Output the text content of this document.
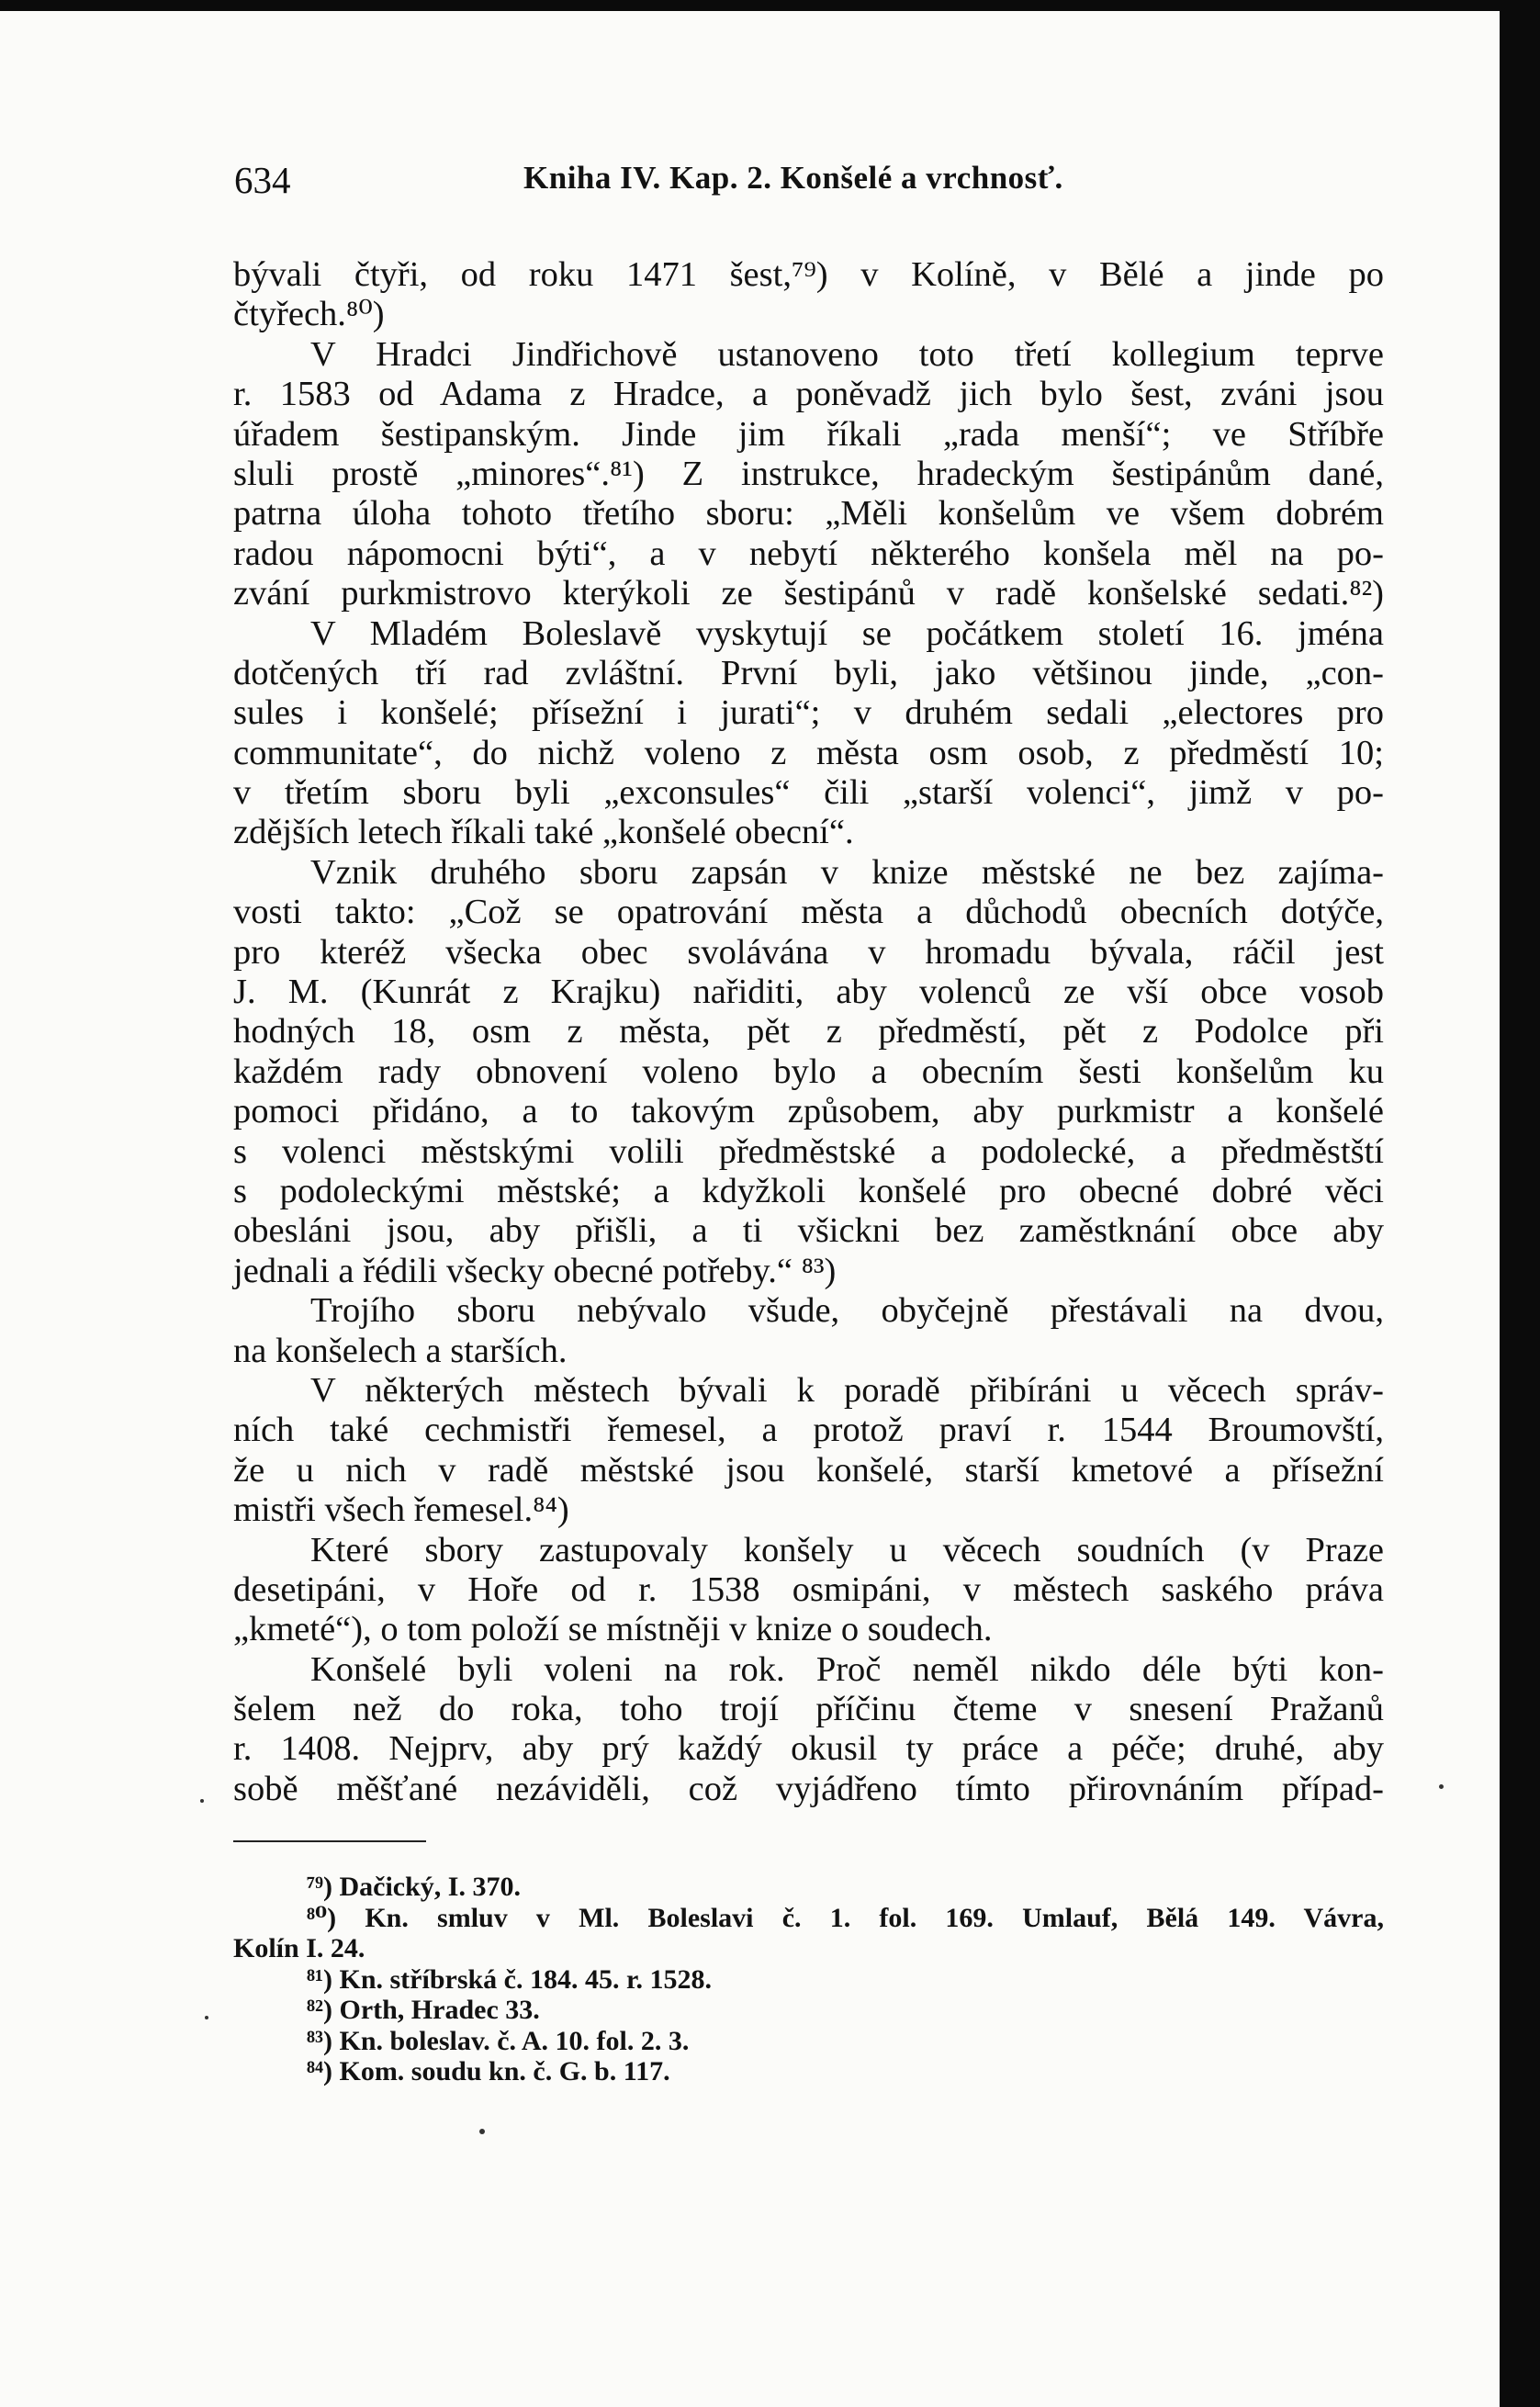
634	Kniha IV. Kap. 2. Konšelé a vrchnosť.
bývali čtyři, od roku 1471 šest,⁷⁹) v Kolíně, v Bělé a jinde po
čtyřech.⁸⁰)
V Hradci Jindřichově ustanoveno toto třetí kollegium teprve
r. 1583 od Adama z Hradce, a poněvadž jich bylo šest, zváni jsou
úřadem šestipanským. Jinde jim říkali „rada menší“; ve Stříbře
sluli prostě „minores“.⁸¹) Z instrukce, hradeckým šestipánům dané,
patrna úloha tohoto třetího sboru: „Měli konšelům ve všem dobrém
radou nápomocni býti“, a v nebytí některého konšela měl na po-
zvání purkmistrovo kterýkoli ze šestipánů v radě konšelské sedati.⁸²)
V Mladém Boleslavě vyskytují se počátkem století 16. jména
dotčených tří rad zvláštní. První byli, jako většinou jinde, „con-
sules i konšelé; přísežní i jurati“; v druhém sedali „electores pro
communitate“, do nichž voleno z města osm osob, z předměstí 10;
v třetím sboru byli „exconsules“ čili „starší volenci“, jimž v po-
zdějších letech říkali také „konšelé obecní“.
Vznik druhého sboru zapsán v knize městské ne bez zajíma-
vosti takto: „Což se opatrování města a důchodů obecních dotýče,
pro kteréž všecka obec svolávána v hromadu bývala, ráčil jest
J. M. (Kunrát z Krajku) nařiditi, aby volenců ze vší obce vosob
hodných 18, osm z města, pět z předměstí, pět z Podolce při
každém rady obnovení voleno bylo a obecním šesti konšelům ku
pomoci přidáno, a to takovým způsobem, aby purkmistr a konšelé
s volenci městskými volili předměstské a podolecké, a předměstští
s podoleckými městské; a kdyžkoli konšelé pro obecné dobré věci
obesláni jsou, aby přišli, a ti všickni bez zaměstknání obce aby
jednali a řédili všecky obecné potřeby.“ ⁸³)
Trojího sboru nebývalo všude, obyčejně přestávali na dvou,
na konšelech a starších.
V některých městech bývali k poradě přibíráni u věcech správ-
ních také cechmistři řemesel, a protož praví r. 1544 Broumovští,
že u nich v radě městské jsou konšelé, starší kmetové a přísežní
mistři všech řemesel.⁸⁴)
Které sbory zastupovaly konšely u věcech soudních (v Praze
desetipáni, v Hoře od r. 1538 osmipáni, v městech saského práva
„kmeté“), o tom položí se místněji v knize o soudech.
Konšelé byli voleni na rok. Proč neměl nikdo déle býti kon-
šelem než do roka, toho trojí příčinu čteme v snesení Pražanů
r. 1408. Nejprv, aby prý každý okusil ty práce a péče; druhé, aby
sobě měšťané nezáviděli, což vyjádřeno tímto přirovnáním případ-
⁷⁹) Dačický, I. 370.
⁸⁰) Kn. smluv v Ml. Boleslavi č. 1. fol. 169. Umlauf, Bělá 149. Vávra,
Kolín I. 24.
⁸¹) Kn. stříbrská č. 184. 45. r. 1528.
⁸²) Orth, Hradec 33.
⁸³) Kn. boleslav. č. A. 10. fol. 2. 3.
⁸⁴) Kom. soudu kn. č. G. b. 117.
